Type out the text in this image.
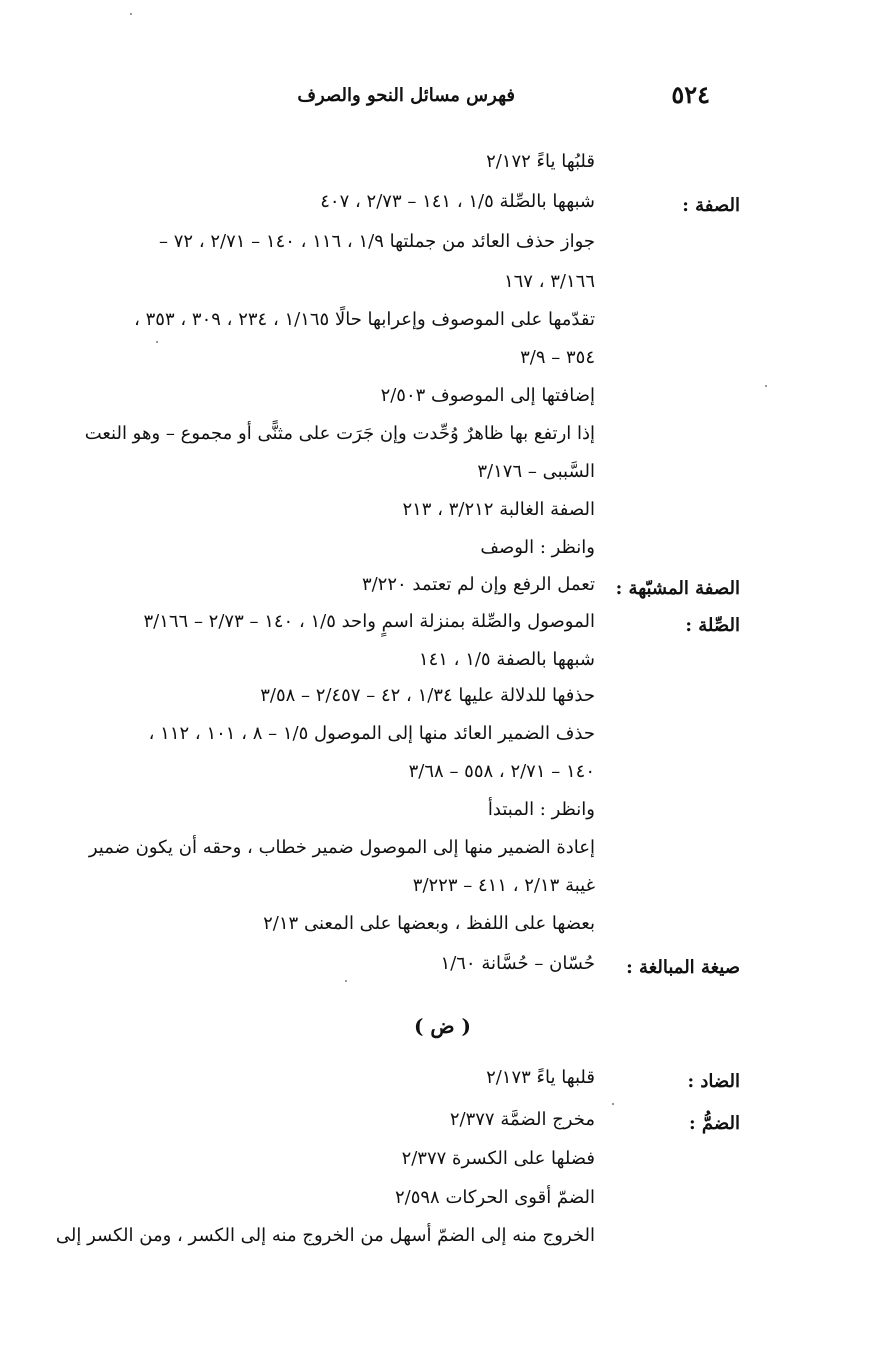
٥٢٤
فهرس مسائل النحو والصرف
قلبُها ياءً ٢/١٧٢
الصفة :
شبهها بالصِّلة ١/٥ ، ١٤١ – ٢/٧٣ ، ٤٠٧
جواز حذف العائد من جملتها ١/٩ ، ١١٦ ، ١٤٠ – ٢/٧١ ، ٧٢ –
٣/١٦٦ ، ١٦٧
تقدّمها على الموصوف وإعرابها حالًا ١/١٦٥ ، ٢٣٤ ، ٣٠٩ ، ٣٥٣ ،
٣٥٤ – ٣/٩
إضافتها إلى الموصوف ٢/٥٠٣
إذا ارتفع بها ظاهرٌ وُحِّدت وإن جَرَت على مثنًّى أو مجموع – وهو النعت
السَّببى – ٣/١٧٦
الصفة الغالبة ٣/٢١٢ ، ٢١٣
وانظر : الوصف
الصفة المشبّهة :
تعمل الرفع وإن لم تعتمد ٣/٢٢٠
الصِّلة :
الموصول والصِّلة بمنزلة اسمٍ واحد ١/٥ ، ١٤٠ – ٢/٧٣ – ٣/١٦٦
شبهها بالصفة ١/٥ ، ١٤١
حذفها للدلالة عليها ١/٣٤ ، ٤٢ – ٢/٤٥٧ – ٣/٥٨
حذف الضمير العائد منها إلى الموصول ١/٥ – ٨ ، ١٠١ ، ١١٢ ،
١٤٠ – ٢/٧١ ، ٥٥٨ – ٣/٦٨
وانظر : المبتدأ
إعادة الضمير منها إلى الموصول ضمير خطاب ، وحقه أن يكون ضمير
غيبة ٢/١٣ ، ٤١١ – ٣/٢٢٣
بعضها على اللفظ ، وبعضها على المعنى ٢/١٣
صيغة المبالغة :
حُسّان – حُسَّانة ١/٦٠
( ض )
الضاد :
قلبها ياءً ٢/١٧٣
الضمُّ :
مخرج الضمَّة ٢/٣٧٧
فضلها على الكسرة ٢/٣٧٧
الضمّ أقوى الحركات ٢/٥٩٨
الخروج منه إلى الضمّ أسهل من الخروج منه إلى الكسر ، ومن الكسر إلى
